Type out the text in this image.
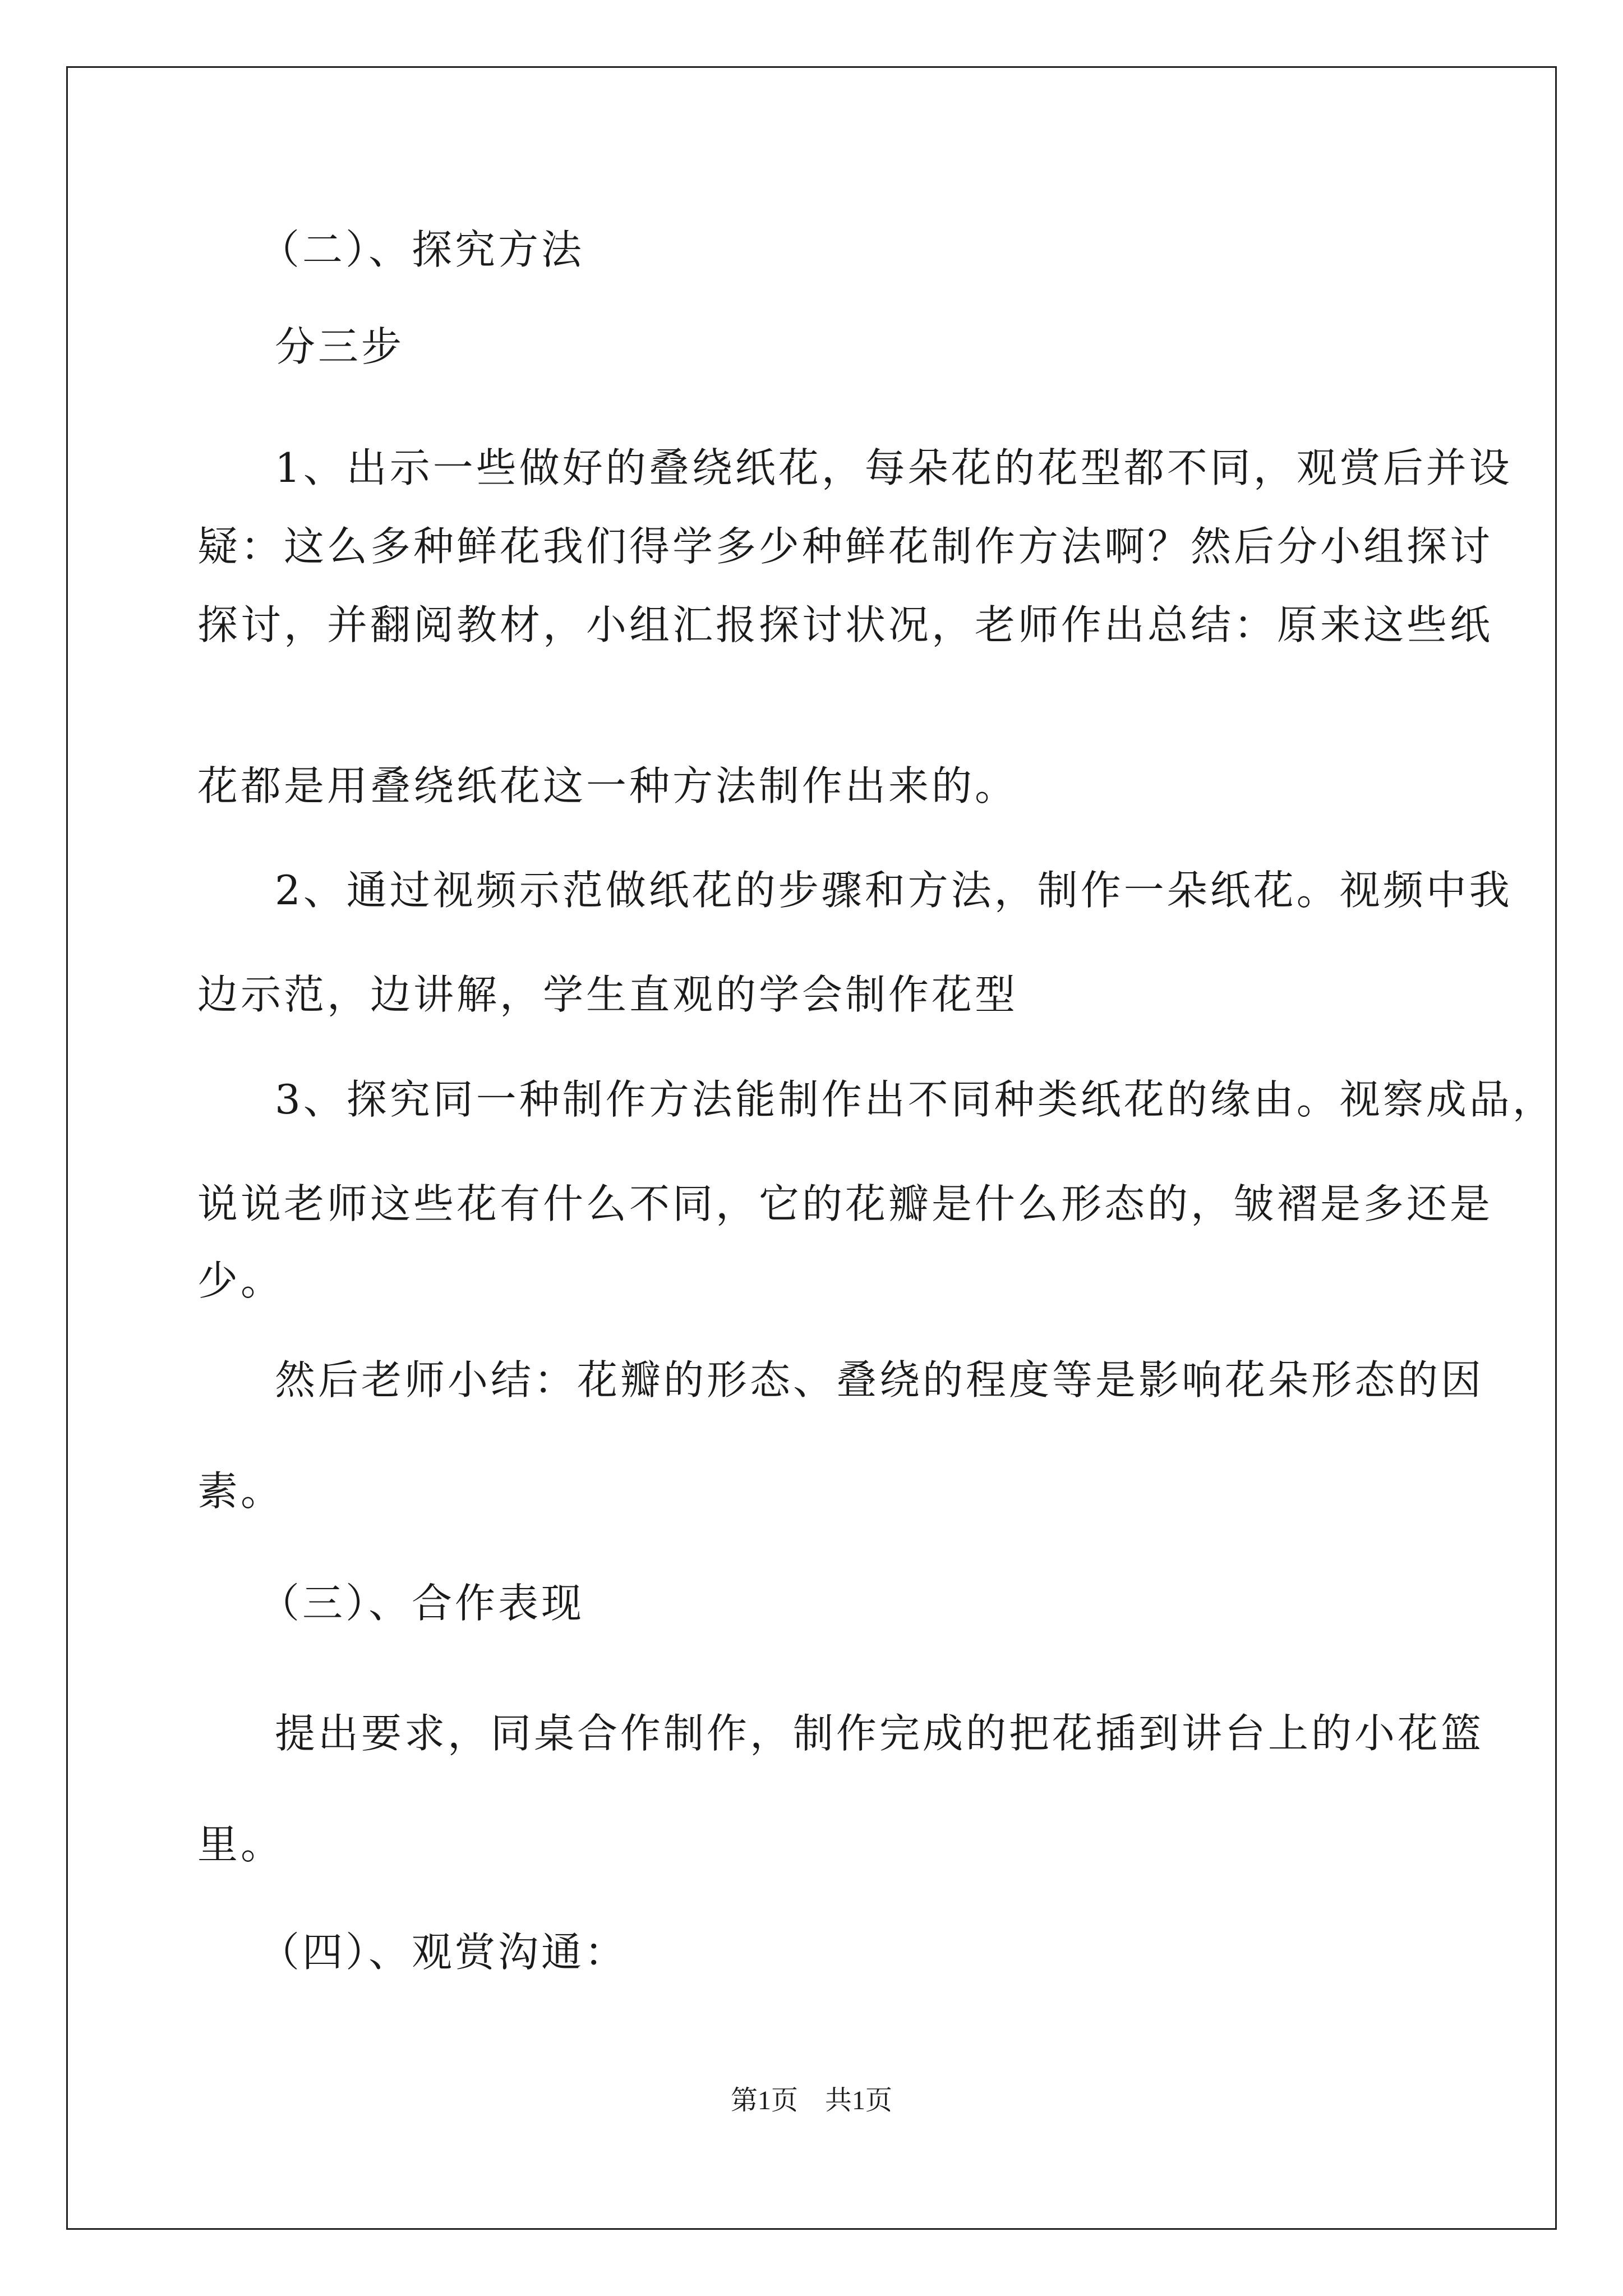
（二）、探究方法
分三步
1、出示一些做好的叠绕纸花，每朵花的花型都不同，观赏后并设
疑：这么多种鲜花我们得学多少种鲜花制作方法啊？然后分小组探讨
探讨，并翻阅教材，小组汇报探讨状况，老师作出总结：原来这些纸
花都是用叠绕纸花这一种方法制作出来的。
2、通过视频示范做纸花的步骤和方法，制作一朵纸花。视频中我
边示范，边讲解，学生直观的学会制作花型
3、探究同一种制作方法能制作出不同种类纸花的缘由。视察成品，
说说老师这些花有什么不同，它的花瓣是什么形态的，皱褶是多还是
少。
然后老师小结：花瓣的形态、叠绕的程度等是影响花朵形态的因
素。
（三）、合作表现
提出要求，同桌合作制作，制作完成的把花插到讲台上的小花篮
里。
（四）、观赏沟通：
第1页　共1页
